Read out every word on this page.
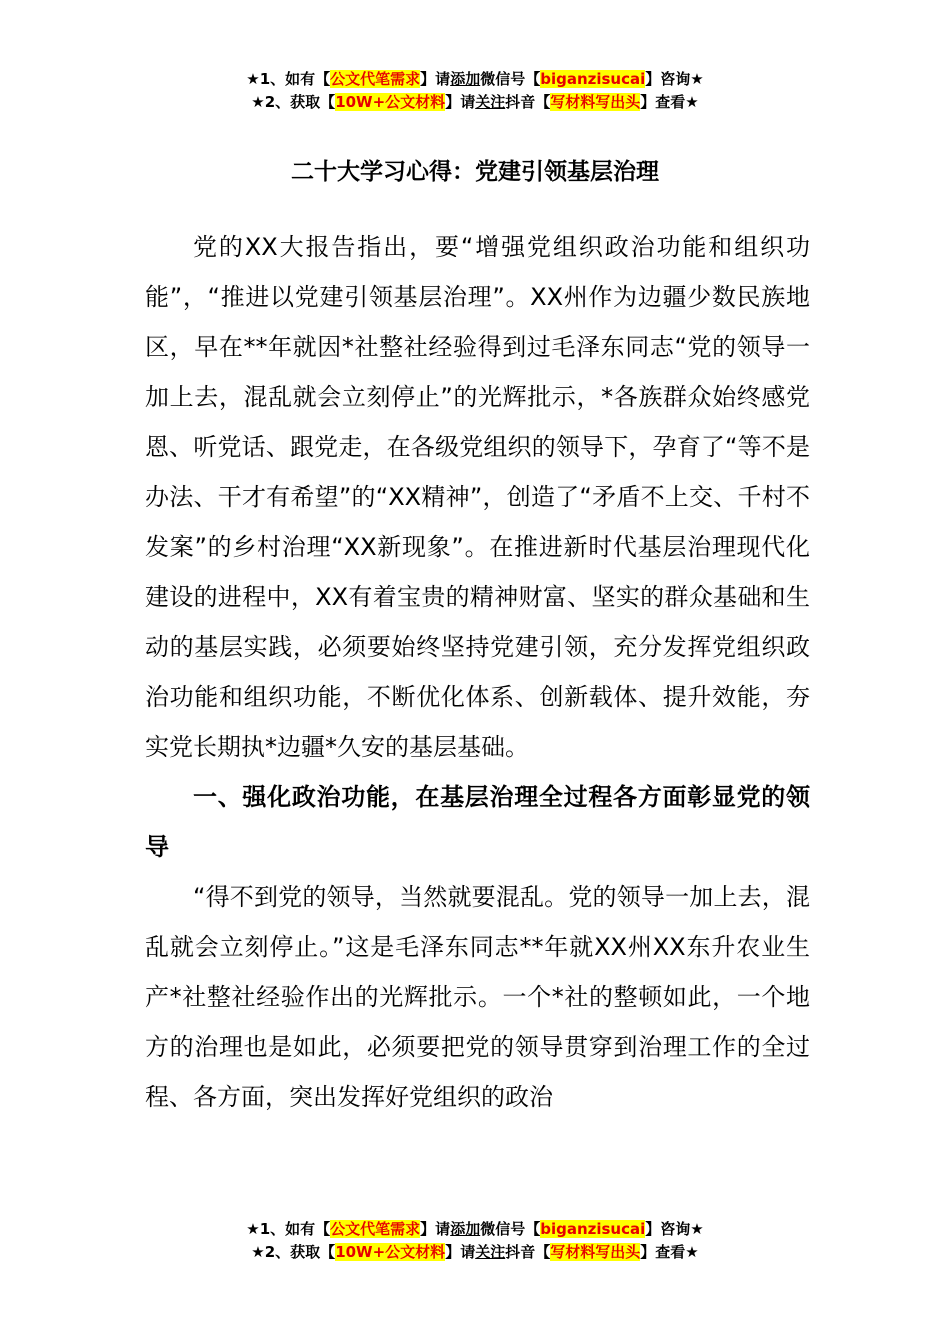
★1、如有【公文代笔需求】请添加微信号【biganzisucai】咨询★
★2、获取【10W+公文材料】请关注抖音【写材料写出头】查看★
二十大学习心得：党建引领基层治理

党的XX大报告指出，要“增强党组织政治功能和组织功能”，“推进以党建引领基层治理”。XX州作为边疆少数民族地区，早在**年就因*社整社经验得到过毛泽东同志“党的领导一加上去，混乱就会立刻停止”的光辉批示，*各族群众始终感党恩、听党话、跟党走，在各级党组织的领导下，孕育了“等不是办法、干才有希望”的“XX精神”，创造了“矛盾不上交、千村不发案”的乡村治理“XX新现象”。在推进新时代基层治理现代化建设的进程中，XX有着宝贵的精神财富、坚实的群众基础和生动的基层实践，必须要始终坚持党建引领，充分发挥党组织政治功能和组织功能，不断优化体系、创新载体、提升效能，夯实党长期执*边疆*久安的基层基础。

一、强化政治功能，在基层治理全过程各方面彰显党的领导

“得不到党的领导，当然就要混乱。党的领导一加上去，混乱就会立刻停止。”这是毛泽东同志**年就XX州XX东升农业生产*社整社经验作出的光辉批示。一个*社的整顿如此，一个地方的治理也是如此，必须要把党的领导贯穿到治理工作的全过程、各方面，突出发挥好党组织的政治

★1、如有【公文代笔需求】请添加微信号【biganzisucai】咨询★
★2、获取【10W+公文材料】请关注抖音【写材料写出头】查看★
